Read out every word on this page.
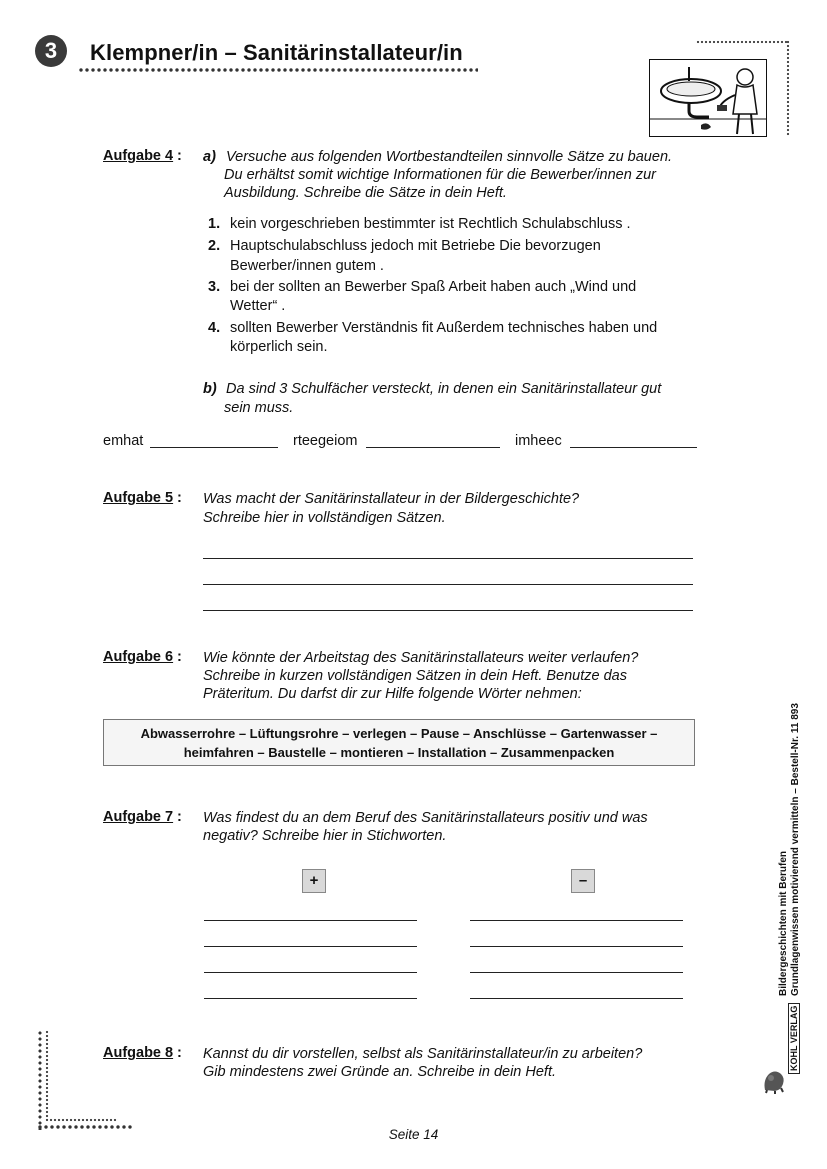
3	Klempner/in – Sanitärinstallateur/in
Aufgabe 4 : a) Versuche aus folgenden Wortbestandteilen sinnvolle Sätze zu bauen.
Du erhältst somit wichtige Informationen für die Bewerber/innen zur
Ausbildung. Schreibe die Sätze in dein Heft.
1. kein vorgeschrieben bestimmter ist Rechtlich Schulabschluss .
2. Hauptschulabschluss jedoch mit Betriebe Die bevorzugen
Bewerber/innen gutem .
3. bei der sollten an Bewerber Spaß Arbeit haben auch „Wind und
Wetter“ .
4. sollten Bewerber Verständnis fit Außerdem technisches haben und
körperlich sein.
b) Da sind 3 Schulfächer versteckt, in denen ein Sanitärinstallateur gut
sein muss.
emhat	rteegeiom	imheec
Aufgabe 5 : Was macht der Sanitärinstallateur in der Bildergeschichte?
Schreibe hier in vollständigen Sätzen.
Aufgabe 6 : Wie könnte der Arbeitstag des Sanitärinstallateurs weiter verlaufen?
Schreibe in kurzen vollständigen Sätzen in dein Heft. Benutze das
Präteritum. Du darfst dir zur Hilfe folgende Wörter nehmen:
Abwasserrohre – Lüftungsrohre – verlegen – Pause – Anschlüsse – Gartenwasser –
heimfahren – Baustelle – montieren – Installation – Zusammenpacken
Aufgabe 7 : Was findest du an dem Beruf des Sanitärinstallateurs positiv und was
negativ? Schreibe hier in Stichworten.
+	–
Aufgabe 8 : Kannst du dir vorstellen, selbst als Sanitärinstallateur/in zu arbeiten?
Gib mindestens zwei Gründe an. Schreibe in dein Heft.
Bildergeschichten mit Berufen Grundlagenwissen motivierend vermitteln – Bestell-Nr. 11 893
KOHL VERLAG
Seite 14
